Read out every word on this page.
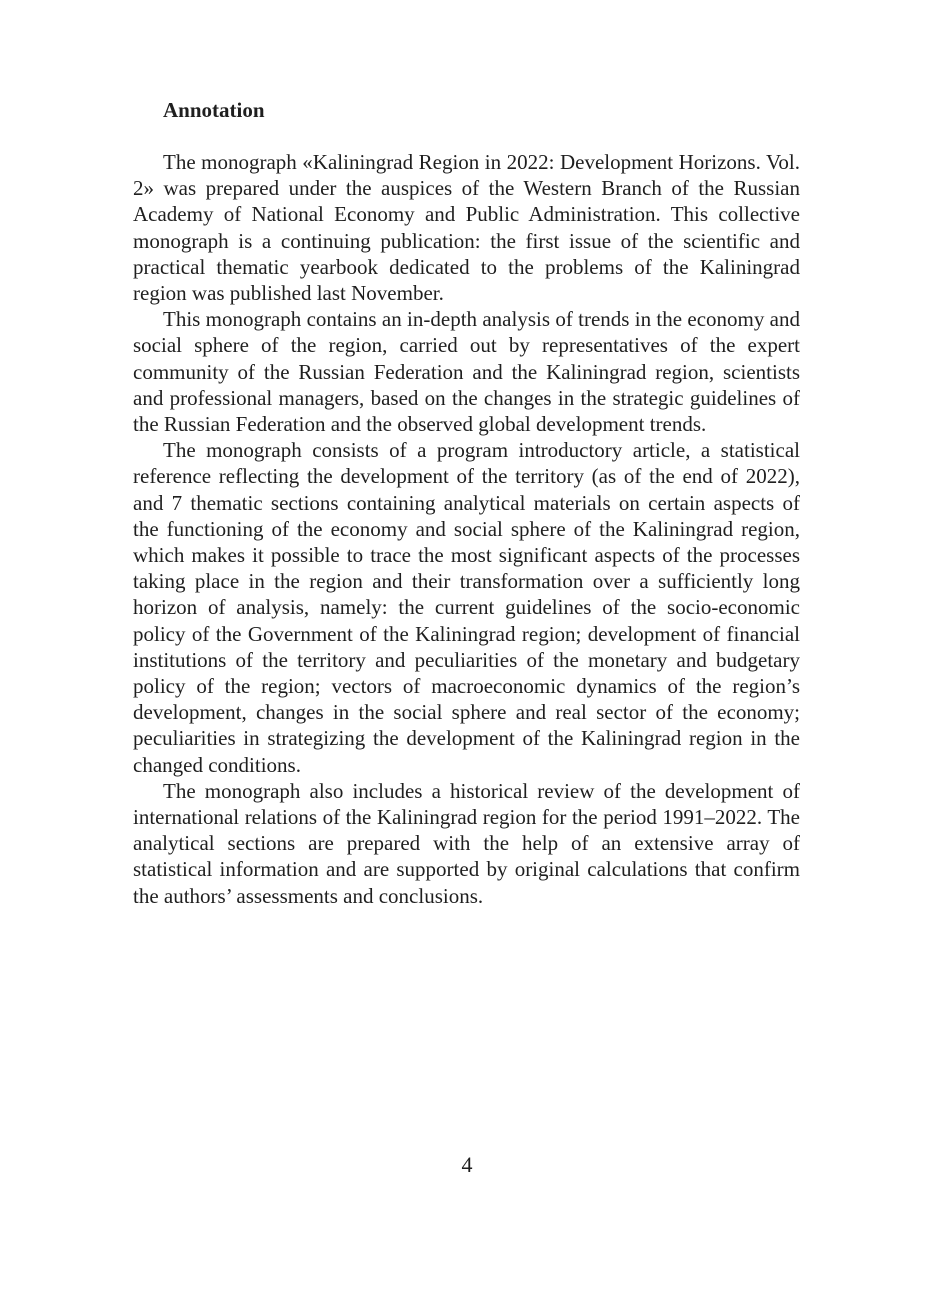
Annotation

The monograph «Kaliningrad Region in 2022: Development Horizons. Vol. 2» was prepared under the auspices of the Western Branch of the Russian Academy of National Economy and Public Administration. This collective monograph is a continuing publication: the first issue of the scientific and practical thematic yearbook dedicated to the problems of the Kaliningrad region was published last November.

This monograph contains an in-depth analysis of trends in the economy and social sphere of the region, carried out by representatives of the expert community of the Russian Federation and the Kaliningrad region, scientists and professional managers, based on the changes in the strategic guidelines of the Russian Federation and the observed global development trends.

The monograph consists of a program introductory article, a statistical reference reflecting the development of the territory (as of the end of 2022), and 7 thematic sections containing analytical materials on certain aspects of the functioning of the economy and social sphere of the Kaliningrad region, which makes it possible to trace the most significant aspects of the processes taking place in the region and their transformation over a sufficiently long horizon of analysis, namely: the current guidelines of the socio-economic policy of the Government of the Kaliningrad region; development of financial institutions of the territory and peculiarities of the monetary and budgetary policy of the region; vectors of macroeconomic dynamics of the region’s development, changes in the social sphere and real sector of the economy; peculiarities in strategizing the development of the Kaliningrad region in the changed conditions.

The monograph also includes a historical review of the development of international relations of the Kaliningrad region for the period 1991–2022. The analytical sections are prepared with the help of an extensive array of statistical information and are supported by original calculations that confirm the authors’ assessments and conclusions.

4
